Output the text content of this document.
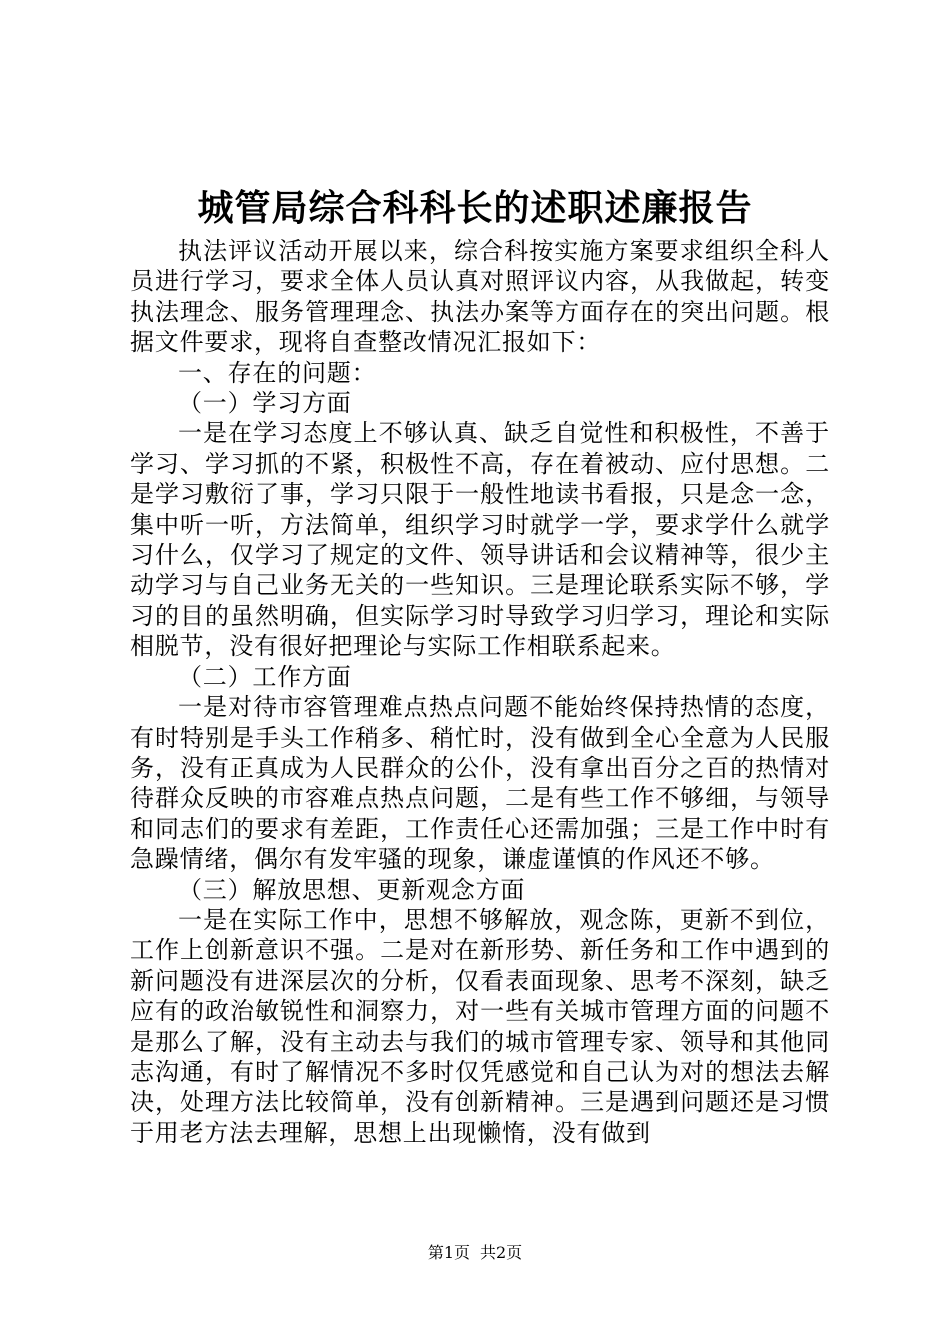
城管局综合科科长的述职述廉报告

执法评议活动开展以来，综合科按实施方案要求组织全科人员进行学习，要求全体人员认真对照评议内容，从我做起，转变执法理念、服务管理理念、执法办案等方面存在的突出问题。根据文件要求，现将自查整改情况汇报如下：

一、存在的问题：

（一）学习方面

一是在学习态度上不够认真、缺乏自觉性和积极性，不善于学习、学习抓的不紧，积极性不高，存在着被动、应付思想。二是学习敷衍了事，学习只限于一般性地读书看报，只是念一念，集中听一听，方法简单，组织学习时就学一学，要求学什么就学习什么，仅学习了规定的文件、领导讲话和会议精神等，很少主动学习与自己业务无关的一些知识。三是理论联系实际不够，学习的目的虽然明确，但实际学习时导致学习归学习，理论和实际相脱节，没有很好把理论与实际工作相联系起来。

（二）工作方面

一是对待市容管理难点热点问题不能始终保持热情的态度，有时特别是手头工作稍多、稍忙时，没有做到全心全意为人民服务，没有正真成为人民群众的公仆，没有拿出百分之百的热情对待群众反映的市容难点热点问题，二是有些工作不够细，与领导和同志们的要求有差距，工作责任心还需加强；三是工作中时有急躁情绪，偶尔有发牢骚的现象，谦虚谨慎的作风还不够。

（三）解放思想、更新观念方面

一是在实际工作中，思想不够解放，观念陈，更新不到位，工作上创新意识不强。二是对在新形势、新任务和工作中遇到的新问题没有进深层次的分析，仅看表面现象、思考不深刻，缺乏应有的政治敏锐性和洞察力，对一些有关城市管理方面的问题不是那么了解，没有主动去与我们的城市管理专家、领导和其他同志沟通，有时了解情况不多时仅凭感觉和自己认为对的想法去解决，处理方法比较简单，没有创新精神。三是遇到问题还是习惯于用老方法去理解，思想上出现懒惰，没有做到

第1页 共2页
